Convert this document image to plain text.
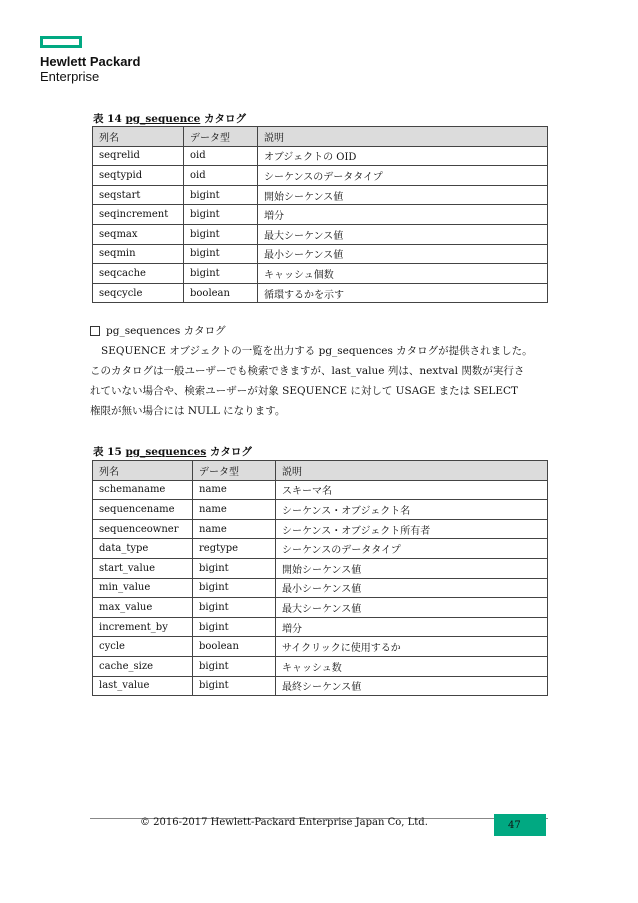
Hewlett Packard
Enterprise
表 14 pg_sequence カタログ
列名	データ型	説明
seqrelid	oid	オブジェクトの OID
seqtypid	oid	シーケンスのデータタイプ
seqstart	bigint	開始シーケンス値
seqincrement	bigint	増分
seqmax	bigint	最大シーケンス値
seqmin	bigint	最小シーケンス値
seqcache	bigint	キャッシュ個数
seqcycle	boolean	循環するかを示す

pg_sequences カタログ

SEQUENCE オブジェクトの一覧を出力する pg_sequences カタログが提供されました。

このカタログは一般ユーザーでも検索できますが、last_value 列は、nextval 関数が実行さ

れていない場合や、検索ユーザーが対象 SEQUENCE に対して USAGE または SELECT

権限が無い場合には NULL になります。

表 15 pg_sequences カタログ
列名	データ型	説明
schemaname	name	スキーマ名
sequencename	name	シーケンス・オブジェクト名
sequenceowner	name	シーケンス・オブジェクト所有者
data_type	regtype	シーケンスのデータタイプ
start_value	bigint	開始シーケンス値
min_value	bigint	最小シーケンス値
max_value	bigint	最大シーケンス値
increment_by	bigint	増分
cycle	boolean	サイクリックに使用するか
cache_size	bigint	キャッシュ数
last_value	bigint	最終シーケンス値
© 2016-2017 Hewlett-Packard Enterprise Japan Co, Ltd.	47
